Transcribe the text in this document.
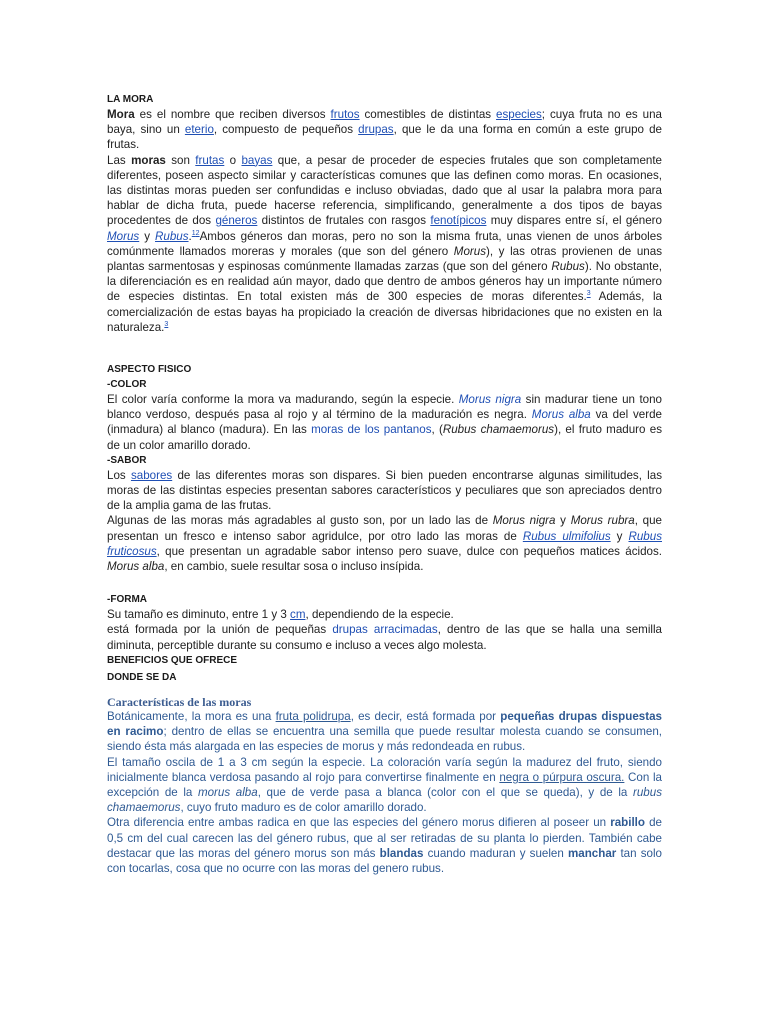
LA MORA

Mora es el nombre que reciben diversos frutos comestibles de distintas especies; cuya fruta no es una baya, sino un eterio, compuesto de pequeños drupas, que le da una forma en común a este grupo de frutas.

Las moras son frutas o bayas que, a pesar de proceder de especies frutales que son completamente diferentes, poseen aspecto similar y características comunes que las definen como moras. En ocasiones, las distintas moras pueden ser confundidas e incluso obviadas, dado que al usar la palabra mora para hablar de dicha fruta, puede hacerse referencia, simplificando, generalmente a dos tipos de bayas procedentes de dos géneros distintos de frutales con rasgos fenotípicos muy dispares entre sí, el género Morus y Rubus.$^{12}$Ambos géneros dan moras, pero no son la misma fruta, unas vienen de unos árboles comúnmente llamados moreras y morales (que son del género Morus), y las otras provienen de unas plantas sarmentosas y espinosas comúnmente llamadas zarzas (que son del género Rubus). No obstante, la diferenciación es en realidad aún mayor, dado que dentro de ambos géneros hay un importante número de especies distintas. En total existen más de 300 especies de moras diferentes.$^3$ Además, la comercialización de estas bayas ha propiciado la creación de diversas hibridaciones que no existen en la naturaleza.$^3$

ASPECTO FISICO

-COLOR

El color varía conforme la mora va madurando, según la especie. Morus nigra sin madurar tiene un tono blanco verdoso, después pasa al rojo y al término de la maduración es negra. Morus alba va del verde (inmadura) al blanco (madura). En las moras de los pantanos, (Rubus chamaemorus), el fruto maduro es de un color amarillo dorado.

-SABOR

Los sabores de las diferentes moras son dispares. Si bien pueden encontrarse algunas similitudes, las moras de las distintas especies presentan sabores característicos y peculiares que son apreciados dentro de la amplia gama de las frutas.

Algunas de las moras más agradables al gusto son, por un lado las de Morus nigra y Morus rubra, que presentan un fresco e intenso sabor agridulce, por otro lado las moras de Rubus ulmifolius y Rubus fruticosus, que presentan un agradable sabor intenso pero suave, dulce con pequeños matices ácidos. Morus alba, en cambio, suele resultar sosa o incluso insípida.

-FORMA

Su tamaño es diminuto, entre 1 y 3 cm, dependiendo de la especie.

está formada por la unión de pequeñas drupas arracimadas, dentro de las que se halla una semilla diminuta, perceptible durante su consumo e incluso a veces algo molesta.

BENEFICIOS QUE OFRECE

DONDE SE DA

Características de las moras

Botánicamente, la mora es una fruta polidrupa, es decir, está formada por pequeñas drupas dispuestas en racimo; dentro de ellas se encuentra una semilla que puede resultar molesta cuando se consumen, siendo ésta más alargada en las especies de morus y más redondeada en rubus.

El tamaño oscila de 1 a 3 cm según la especie. La coloración varía según la madurez del fruto, siendo inicialmente blanca verdosa pasando al rojo para convertirse finalmente en negra o púrpura oscura. Con la excepción de la morus alba, que de verde pasa a blanca (color con el que se queda), y de la rubus chamaemorus, cuyo fruto maduro es de color amarillo dorado.

Otra diferencia entre ambas radica en que las especies del género morus difieren al poseer un rabillo de 0,5 cm del cual carecen las del género rubus, que al ser retiradas de su planta lo pierden. También cabe destacar que las moras del género morus son más blandas cuando maduran y suelen manchar tan solo con tocarlas, cosa que no ocurre con las moras del genero rubus.
